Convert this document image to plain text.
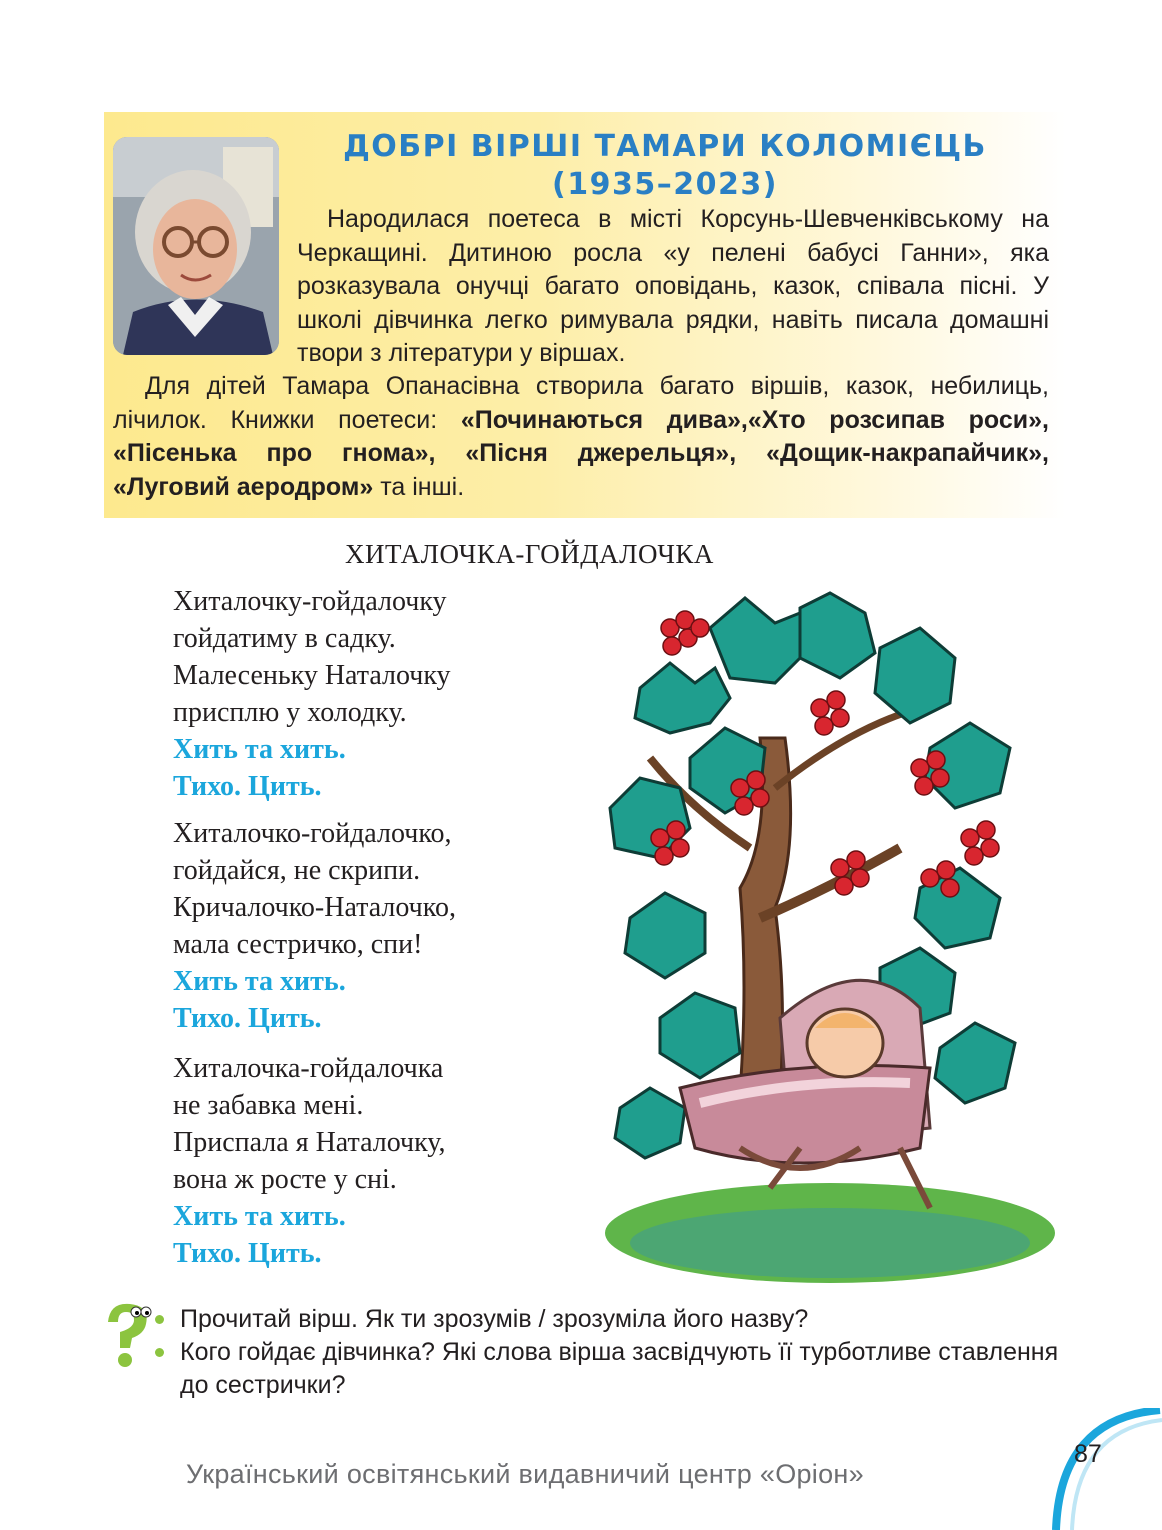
ДОБРІ ВІРШІ ТАМАРИ КОЛОМІЄЦЬ
(1935–2023)

Народилася поетеса в місті Корсунь-Шевченківському на Черкащині. Дитиною росла «у пелені бабусі Ганни», яка розказувала онучці багато оповідань, казок, співала пісні. У школі дівчинка легко римувала рядки, навіть писала домашні твори з літератури у віршах.

Для дітей Тамара Опанасівна створила багато віршів, казок, небилиць, лічилок. Книжки поетеси: «Починаються дива»,«Хто розсипав роси», «Пісенька про гнома», «Пісня джерельця», «Дощик-накрапайчик», «Луговий аеродром» та інші.

ХИТАЛОЧКА-ГОЙДАЛОЧКА
Хиталочку-гойдалочку
гойдатиму в садку.
Малесеньку Наталочку
присплю у холодку.
Хить та хить.
Тихо. Цить.
Хиталочко-гойдалочко,
гойдайся, не скрипи.
Кричалочко-Наталочко,
мала сестричко, спи!
Хить та хить.
Тихо. Цить.
Хиталочка-гойдалочка
не забавка мені.
Приспала я Наталочку,
вона ж росте у сні.
Хить та хить.
Тихо. Цить.
Прочитай вірш. Як ти зрозумів / зрозуміла його назву?
Кого гойдає дівчинка? Які слова вірша засвідчують її турботливе ставлення до сестрички?
Український освітянський видавничий центр «Оріон»
87
